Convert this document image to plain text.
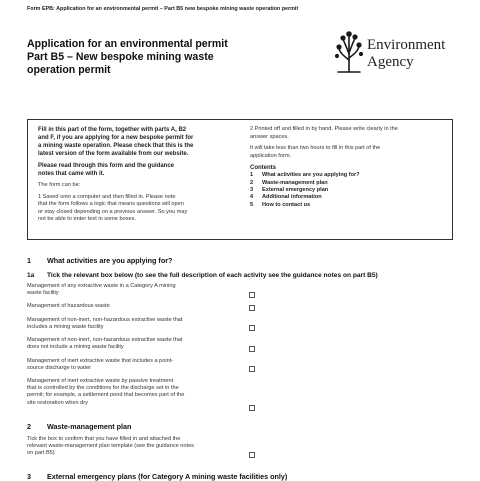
Form EPB: Application for an environmental permit – Part B5 new bespoke mining waste operation permit
Application for an environmental permit
Part B5 – New bespoke mining waste
operation permit
Environment
Agency
Fill in this part of the form, together with parts A, B2
and F, if you are applying for a new bespoke permit for
a mining waste operation. Please check that this is the
latest version of the form available from our website.
Please read through this form and the guidance
notes that came with it.
The form can be:
1 Saved onto a computer and then filled in. Please note
that the form follows a logic that means questions will open
or stay closed depending on a previous answer. So you may
not be able to enter text in some boxes.
2 Printed off and filled in by hand. Please write clearly in the
answer spaces.
It will take less than two hours to fill in this part of the
application form.
Contents
1	What activities are you applying for?
2	Waste-management plan
3	External emergency plan
4	Additional information
5	How to contact us
1 What activities are you applying for?
1a Tick the relevant box below (to see the full description of each activity see the guidance notes on part B5)
Management of any extractive waste in a Category A mining
waste facility
Management of hazardous waste
Management of non-inert, non-hazardous extractive waste that
includes a mining waste facility
Management of non-inert, non-hazardous extractive waste that
does not include a mining waste facility
Management of inert extractive waste that includes a point-
source discharge to water
Management of inert extractive waste by passive treatment
that is controlled by the conditions for the discharge set in the
permit; for example, a settlement pond that becomes part of the
site restoration when dry
2 Waste-management plan
Tick the box to confirm that you have filled in and attached the
relevant waste-management plan template (see the guidance notes
on part B5)
3 External emergency plans (for Category A mining waste facilities only)
